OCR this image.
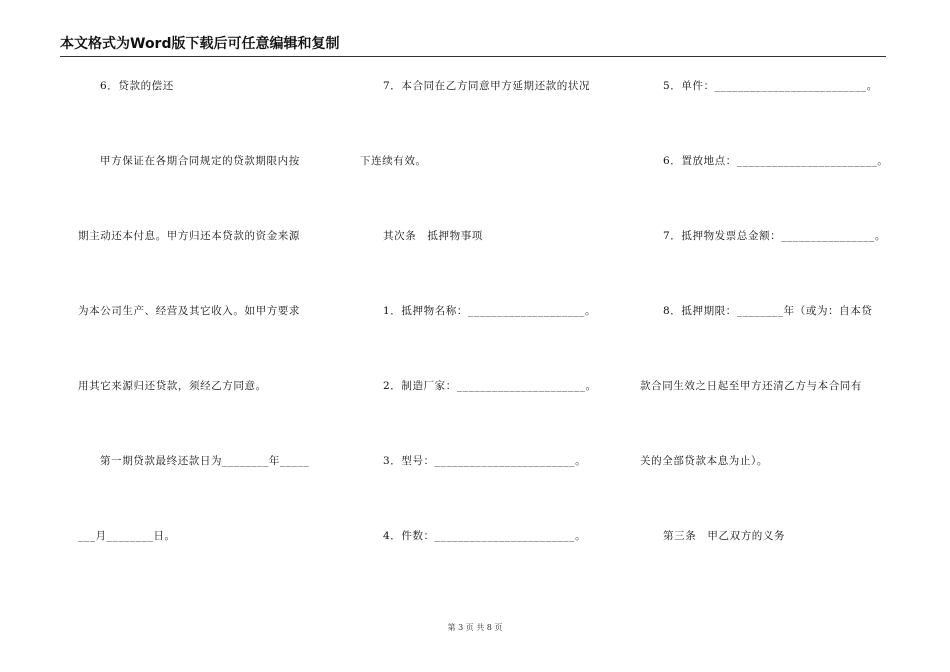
本文格式为Word版下载后可任意编辑和复制
6．贷款的偿还
甲方保证在各期合同规定的贷款期限内按
期主动还本付息。甲方归还本贷款的资金来源
为本公司生产、经营及其它收入。如甲方要求
用其它来源归还贷款，须经乙方同意。
第一期贷款最终还款日为________年_____
___月________日。
7．本合同在乙方同意甲方延期还款的状况
下连续有效。
其次条　抵押物事项
1．抵押物名称：____________________。
2．制造厂家：______________________。
3．型号：________________________。
4．件数：________________________。
5．单件：__________________________。
6．置放地点：________________________。
7．抵押物发票总金额：________________。
8．抵押期限：________年（或为：自本贷
款合同生效之日起至甲方还清乙方与本合同有
关的全部贷款本息为止）。
第三条　甲乙双方的义务
第 3 页 共 8 页
